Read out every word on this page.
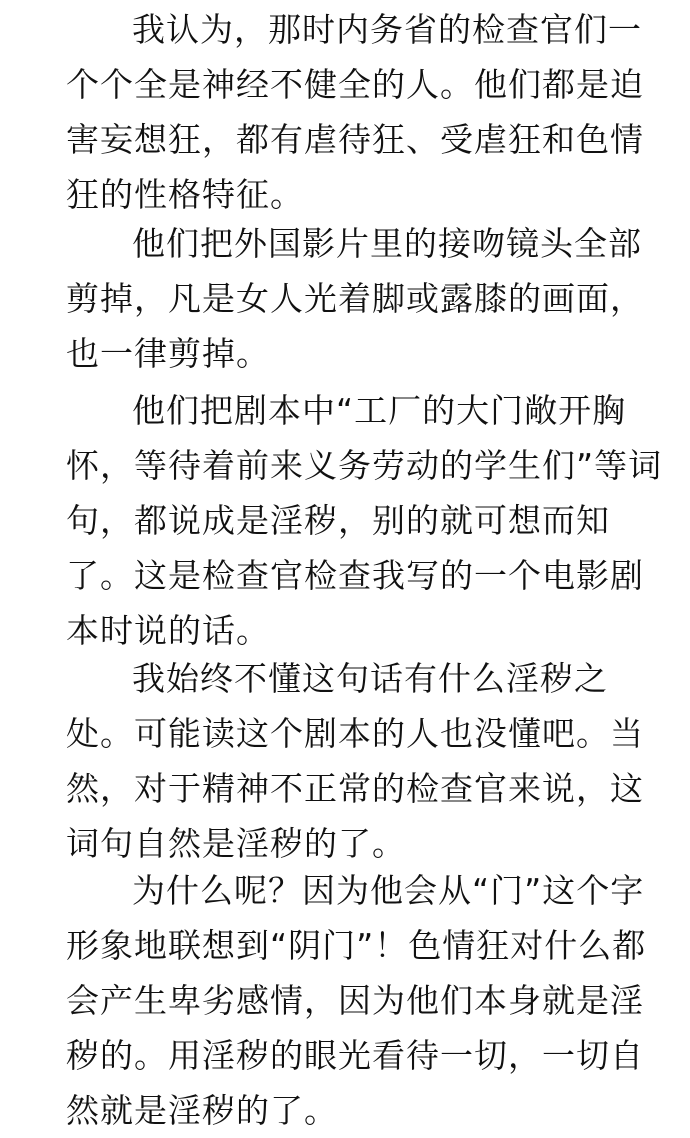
我认为，那时内务省的检查官们一
个个全是神经不健全的人。他们都是迫
害妄想狂，都有虐待狂、受虐狂和色情
狂的性格特征。
他们把外国影片里的接吻镜头全部
剪掉，凡是女人光着脚或露膝的画面，
也一律剪掉。
他们把剧本中“工厂的大门敞开胸
怀，等待着前来义务劳动的学生们”等词
句，都说成是淫秽，别的就可想而知
了。这是检查官检查我写的一个电影剧
本时说的话。
我始终不懂这句话有什么淫秽之
处。可能读这个剧本的人也没懂吧。当
然，对于精神不正常的检查官来说，这
词句自然是淫秽的了。
为什么呢？因为他会从“门”这个字
形象地联想到“阴门”！色情狂对什么都
会产生卑劣感情，因为他们本身就是淫
秽的。用淫秽的眼光看待一切，一切自
然就是淫秽的了。
